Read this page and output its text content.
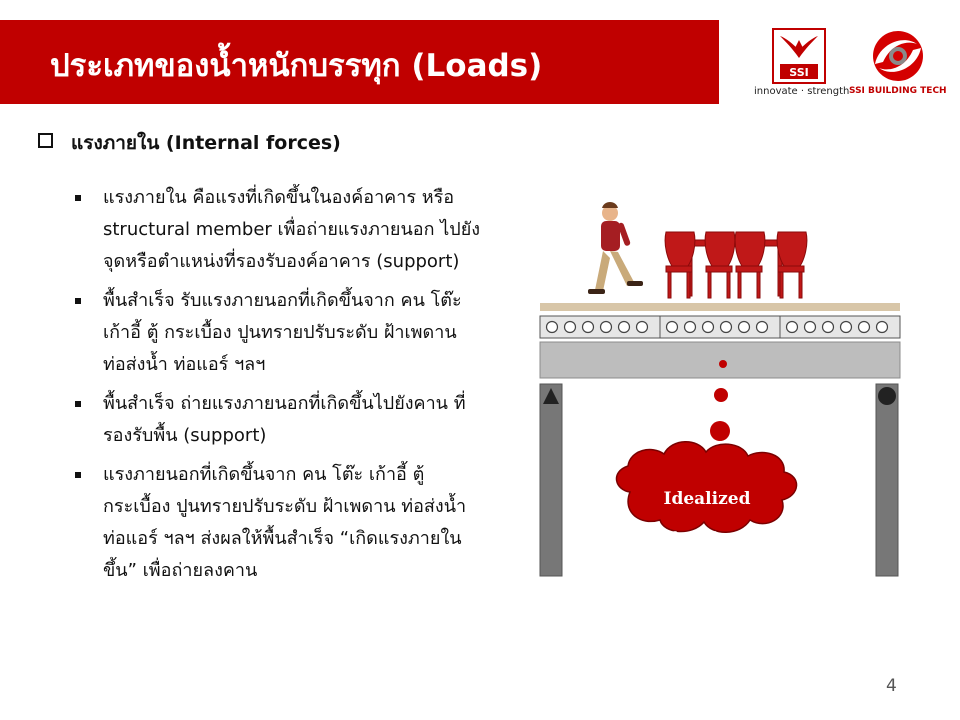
ประเภทของน้ำหนักบรรทุก (Loads)	SSI
innovate · strength SSI BUILDING TECH
แรงภายใน (Internal forces)
แรงภายใน คือแรงที่เกิดขึ้นในองค์อาคาร หรือ structural member เพื่อถ่ายแรงภายนอก ไปยังจุดหรือตำแหน่งที่รองรับองค์อาคาร (support)
พื้นสำเร็จ รับแรงภายนอกที่เกิดขึ้นจาก คน โต๊ะ เก้าอี้ ตู้ กระเบื้อง ปูนทรายปรับระดับ ฝ้าเพดาน ท่อส่งน้ำ ท่อแอร์ ฯลฯ
พื้นสำเร็จ ถ่ายแรงภายนอกที่เกิดขึ้นไปยังคาน ที่รองรับพื้น (support)
แรงภายนอกที่เกิดขึ้นจาก คน โต๊ะ เก้าอี้ ตู้ กระเบื้อง ปูนทรายปรับระดับ ฝ้าเพดาน ท่อส่งน้ำ ท่อแอร์ ฯลฯ ส่งผลให้พื้นสำเร็จ “เกิดแรงภายในขึ้น” เพื่อถ่ายลงคาน
Idealized
structure
4
